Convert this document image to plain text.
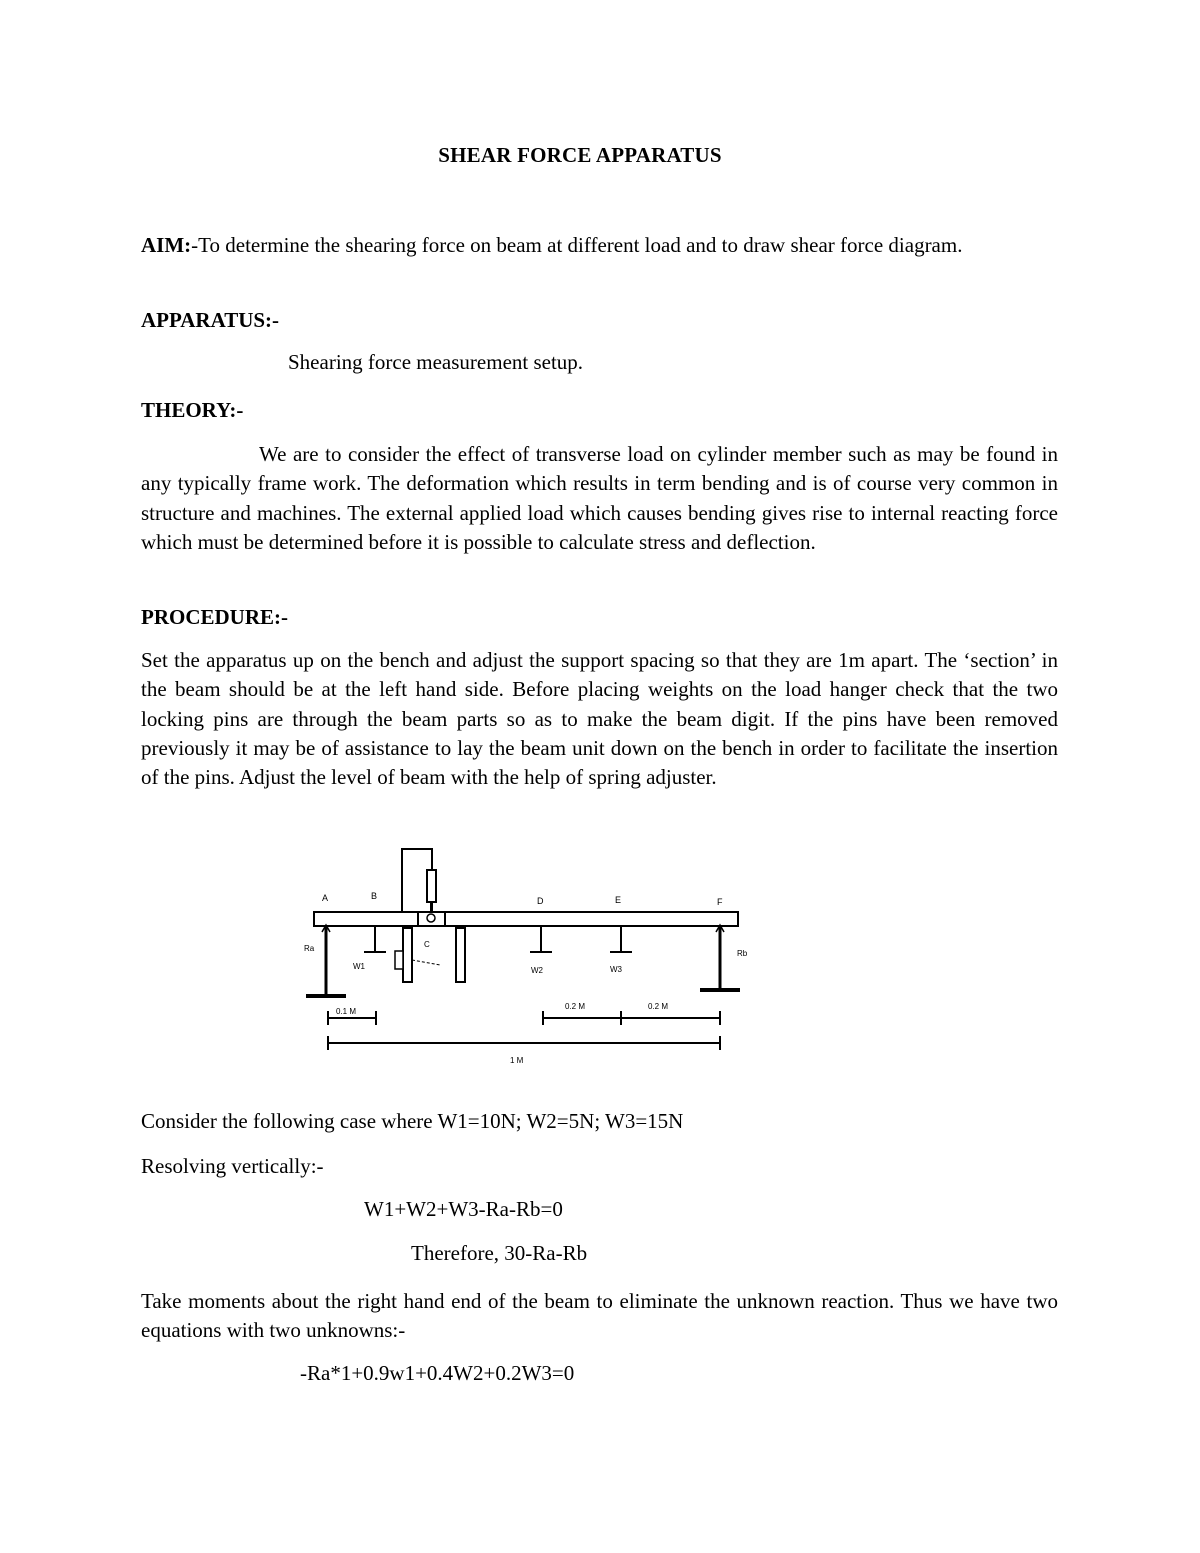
SHEAR FORCE APPARATUS
AIM:-To determine the shearing force on beam at different load and to draw shear force diagram.
APPARATUS:-
Shearing force measurement setup.
THEORY:-
We are to consider the effect of transverse load on cylinder member such as may be found in any typically frame work. The deformation which results in term bending and is of course very common in structure and machines. The external applied load which causes bending gives rise to internal reacting force which must be determined before it is possible to calculate stress and deflection.
PROCEDURE:-
Set the apparatus up on the bench and adjust the support spacing so that they are 1m apart. The ‘section’ in the beam should be at the left hand side. Before placing weights on the load hanger check that the two locking pins are through the beam parts so as to make the beam digit. If the pins have been removed previously it may be of assistance to lay the beam unit down on the bench in order to facilitate the insertion of the pins. Adjust the level of beam with the help of spring adjuster.
A	B
C
D	E	F
Ra
Rb
W1	W2	W3
0.1 M
0.2 M	0.2 M
1 M
Consider the following case where W1=10N; W2=5N; W3=15N
Resolving vertically:-
W1+W2+W3-Ra-Rb=0
Therefore, 30-Ra-Rb
Take moments about the right hand end of the beam to eliminate the unknown reaction. Thus we have two equations with two unknowns:-
-Ra*1+0.9w1+0.4W2+0.2W3=0
